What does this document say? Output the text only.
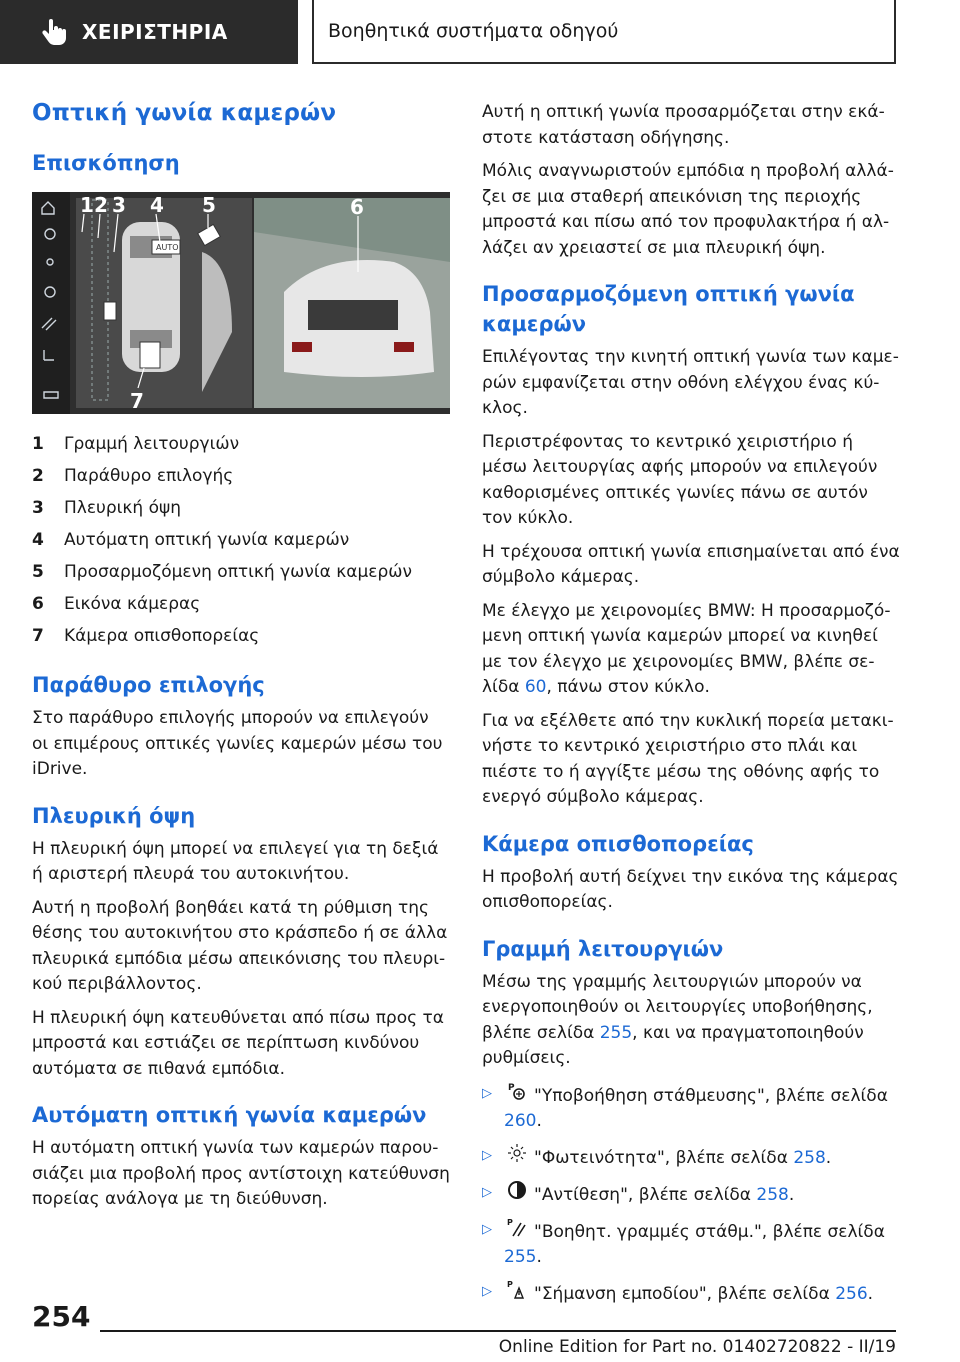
ΧΕΙΡΙΣΤΗΡΙΑ	Βοηθητικά συστήματα οδηγού
Οπτική γωνία καμερών
Επισκόπηση
AUTO
1 2 3 4 5	6
7
1	Γραμμή λειτουργιών
2	Παράθυρο επιλογής
3	Πλευρική όψη
4	Αυτόματη οπτική γωνία καμερών
5	Προσαρμοζόμενη οπτική γωνία καμερών
6	Εικόνα κάμερας
7	Κάμερα οπισθοπορείας
Παράθυρο επιλογής

Στο παράθυρο επιλογής μπορούν να επιλεγούν οι επιμέρους οπτικές γωνίες καμερών μέσω του iDrive.

Πλευρική όψη

Η πλευρική όψη μπορεί να επιλεγεί για τη δεξιά ή αριστερή πλευρά του αυτοκινήτου.

Αυτή η προβολή βοηθάει κατά τη ρύθμιση της θέσης του αυτοκινήτου στο κράσπεδο ή σε άλλα πλευρικά εμπόδια μέσω απεικόνισης του πλευρικού περιβάλλοντος.

Η πλευρική όψη κατευθύνεται από πίσω προς τα μπροστά και εστιάζει σε περίπτωση κινδύνου αυτόματα σε πιθανά εμπόδια.

Αυτόματη οπτική γωνία καμερών

Η αυτόματη οπτική γωνία των καμερών παρουσιάζει μια προβολή προς αντίστοιχη κατεύθυνση πορείας ανάλογα με τη διεύθυνση.

Αυτή η οπτική γωνία προσαρμόζεται στην εκάστοτε κατάσταση οδήγησης.

Μόλις αναγνωριστούν εμπόδια η προβολή αλλάζει σε μια σταθερή απεικόνιση της περιοχής μπροστά και πίσω από τον προφυλακτήρα ή αλλάζει αν χρειαστεί σε μια πλευρική όψη.

Προσαρμοζόμενη οπτική γωνία καμερών

Επιλέγοντας την κινητή οπτική γωνία των καμερών εμφανίζεται στην οθόνη ελέγχου ένας κύκλος.

Περιστρέφοντας το κεντρικό χειριστήριο ή μέσω λειτουργίας αφής μπορούν να επιλεγούν καθορισμένες οπτικές γωνίες πάνω σε αυτόν τον κύκλο.

Η τρέχουσα οπτική γωνία επισημαίνεται από ένα σύμβολο κάμερας.

Με έλεγχο με χειρονομίες BMW: Η προσαρμοζόμενη οπτική γωνία καμερών μπορεί να κινηθεί με τον έλεγχο με χειρονομίες BMW, βλέπε σελίδα 60, πάνω στον κύκλο.

Για να εξέλθετε από την κυκλική πορεία μετακινήστε το κεντρικό χειριστήριο στο πλάι και πιέστε το ή αγγίξτε μέσω της οθόνης αφής το ενεργό σύμβολο κάμερας.

Κάμερα οπισθοπορείας

Η προβολή αυτή δείχνει την εικόνα της κάμερας οπισθοπορείας.

Γραμμή λειτουργιών

Μέσω της γραμμής λειτουργιών μπορούν να ενεργοποιηθούν οι λειτουργίες υποβοήθησης, βλέπε σελίδα 255, και να πραγματοποιηθούν ρυθμίσεις.

▷	P "Υποβοήθηση στάθμευσης", βλέπε σελίδα 260.
▷	"Φωτεινότητα", βλέπε σελίδα 258.
▷	"Αντίθεση", βλέπε σελίδα 258.
▷	P "Βοηθητ. γραμμές στάθμ.", βλέπε σελίδα 255.
▷	P "Σήμανση εμποδίου", βλέπε σελίδα 256.
254
Online Edition for Part no. 01402720822 - II/19
